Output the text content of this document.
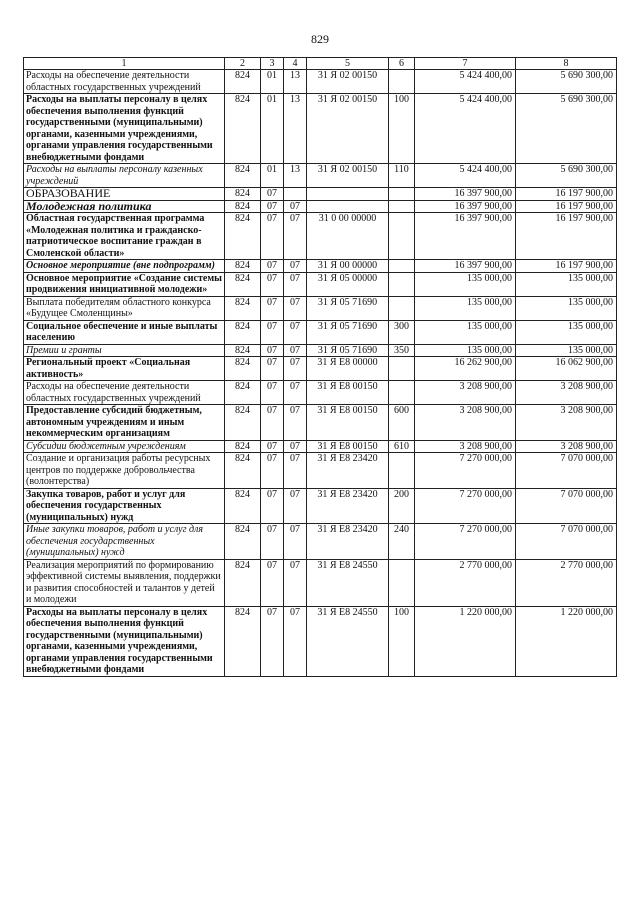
829
1	2	3	4	5	6	7	8
Расходы на обеспечение деятельности областных государственных учреждений	824	01	13	31 Я 02 00150		5 424 400,00	5 690 300,00
Расходы на выплаты персоналу в целях обеспечения выполнения функций государственными (муниципальными) органами, казенными учреждениями, органами управления государственными внебюджетными фондами	824	01	13	31 Я 02 00150	100	5 424 400,00	5 690 300,00
Расходы на выплаты персоналу казенных учреждений	824	01	13	31 Я 02 00150	110	5 424 400,00	5 690 300,00
ОБРАЗОВАНИЕ	824	07				16 397 900,00	16 197 900,00
Молодежная политика	824	07	07			16 397 900,00	16 197 900,00
Областная государственная программа «Молодежная политика и гражданско-патриотическое воспитание граждан в Смоленской области»	824	07	07	31 0 00 00000		16 397 900,00	16 197 900,00
Основное мероприятие (вне подпрограмм)	824	07	07	31 Я 00 00000		16 397 900,00	16 197 900,00
Основное мероприятие «Создание системы продвижения инициативной молодежи»	824	07	07	31 Я 05 00000		135 000,00	135 000,00
Выплата победителям областного конкурса «Будущее Смоленщины»	824	07	07	31 Я 05 71690		135 000,00	135 000,00
Социальное обеспечение и иные выплаты населению	824	07	07	31 Я 05 71690	300	135 000,00	135 000,00
Премии и гранты	824	07	07	31 Я 05 71690	350	135 000,00	135 000,00
Региональный проект «Социальная активность»	824	07	07	31 Я Е8 00000		16 262 900,00	16 062 900,00
Расходы на обеспечение деятельности областных государственных учреждений	824	07	07	31 Я Е8 00150		3 208 900,00	3 208 900,00
Предоставление субсидий бюджетным, автономным учреждениям и иным некоммерческим организациям	824	07	07	31 Я Е8 00150	600	3 208 900,00	3 208 900,00
Субсидии бюджетным учреждениям	824	07	07	31 Я Е8 00150	610	3 208 900,00	3 208 900,00
Создание и организация работы ресурсных центров по поддержке добровольчества (волонтерства)	824	07	07	31 Я Е8 23420		7 270 000,00	7 070 000,00
Закупка товаров, работ и услуг для обеспечения государственных (муниципальных) нужд	824	07	07	31 Я Е8 23420	200	7 270 000,00	7 070 000,00
Иные закупки товаров, работ и услуг для обеспечения государственных (муниципальных) нужд	824	07	07	31 Я Е8 23420	240	7 270 000,00	7 070 000,00
Реализация мероприятий по формированию эффективной системы выявления, поддержки и развития способностей и талантов у детей и молодежи	824	07	07	31 Я Е8 24550		2 770 000,00	2 770 000,00
Расходы на выплаты персоналу в целях обеспечения выполнения функций государственными (муниципальными) органами, казенными учреждениями, органами управления государственными внебюджетными фондами	824	07	07	31 Я Е8 24550	100	1 220 000,00	1 220 000,00
